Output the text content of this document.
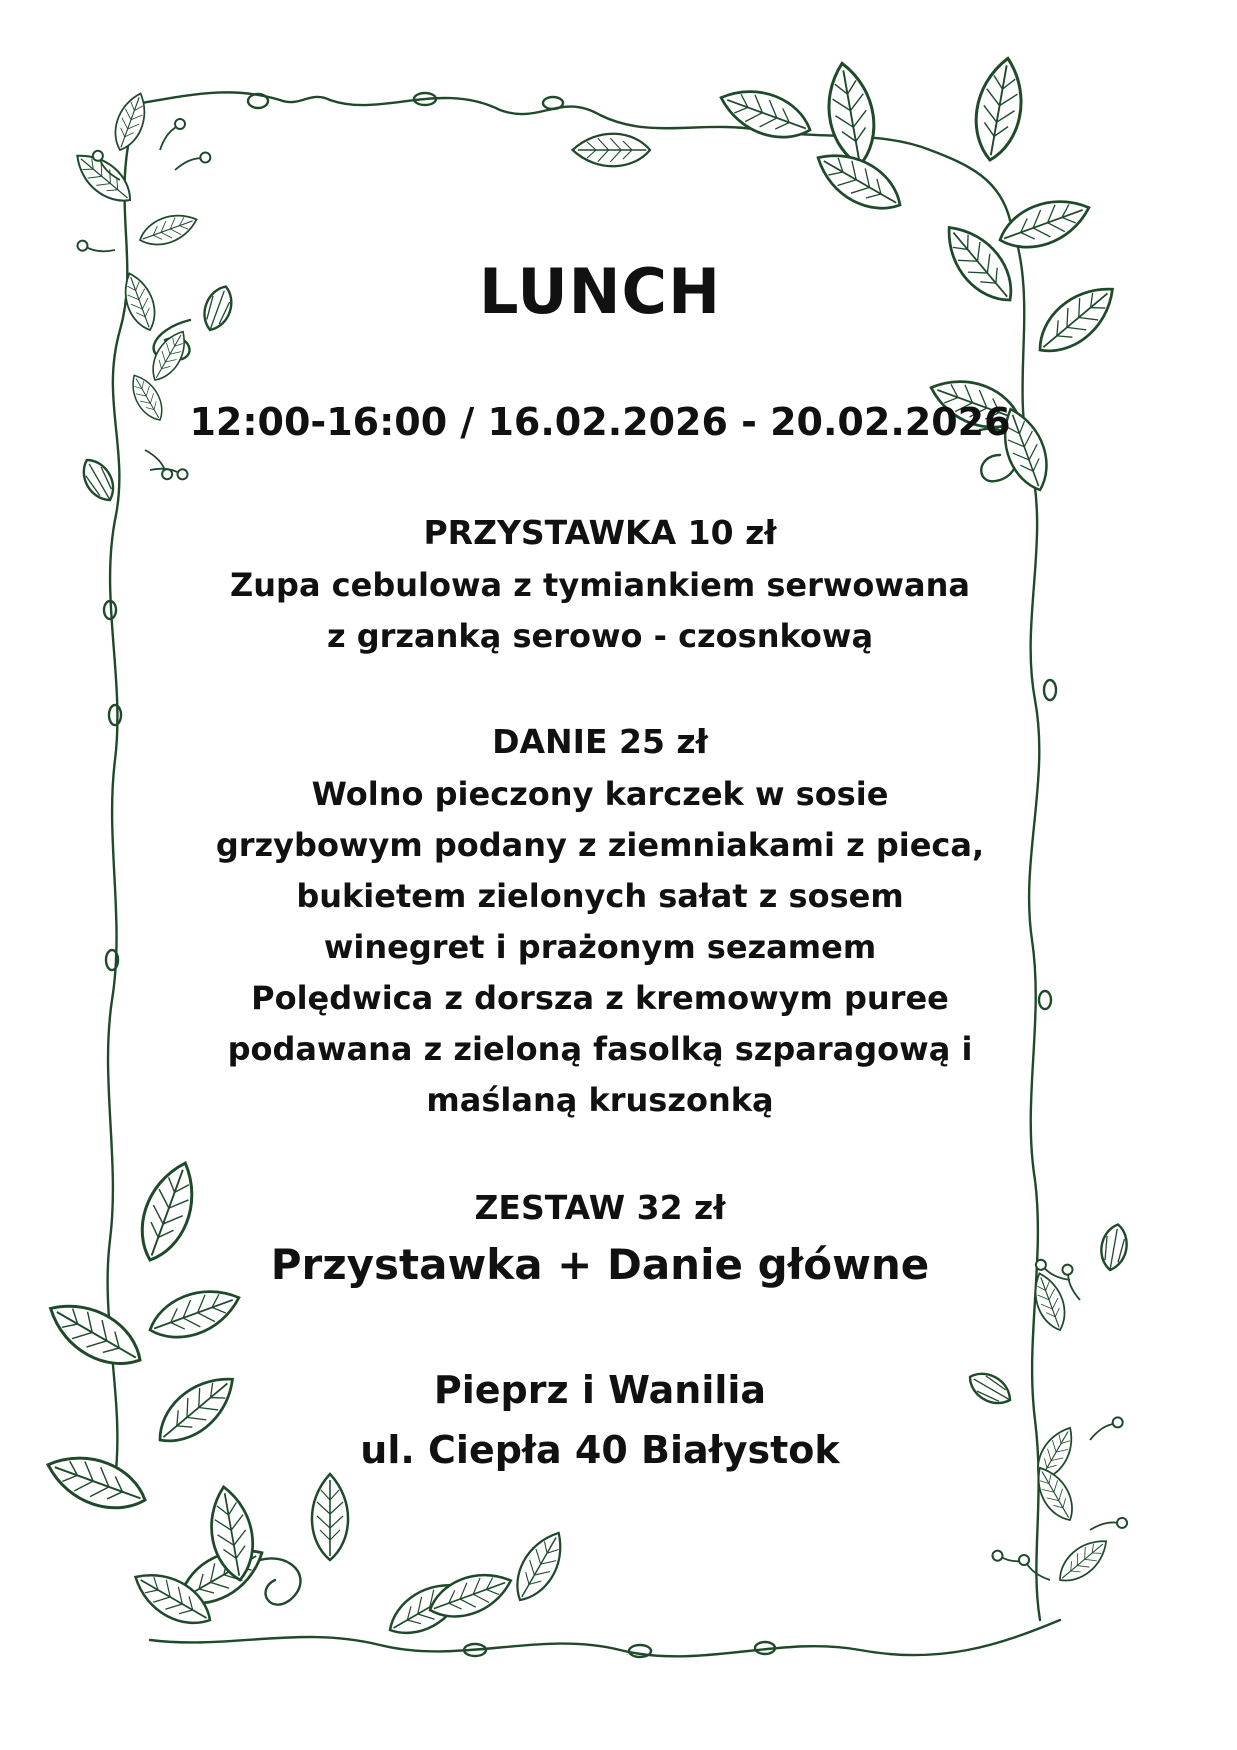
LUNCH
12:00-16:00 / 16.02.2026 - 20.02.2026
PRZYSTAWKA 10 zł
Zupa cebulowa z tymiankiem serwowana
z grzanką serowo - czosnkową
DANIE 25 zł
Wolno pieczony karczek w sosie
grzybowym podany z ziemniakami z pieca,
bukietem zielonych sałat z sosem
winegret i prażonym sezamem
Polędwica z dorsza z kremowym puree
podawana z zieloną fasolką szparagową i
maślaną kruszonką
ZESTAW 32 zł
Przystawka + Danie główne
Pieprz i Wanilia
ul. Ciepła 40 Białystok
